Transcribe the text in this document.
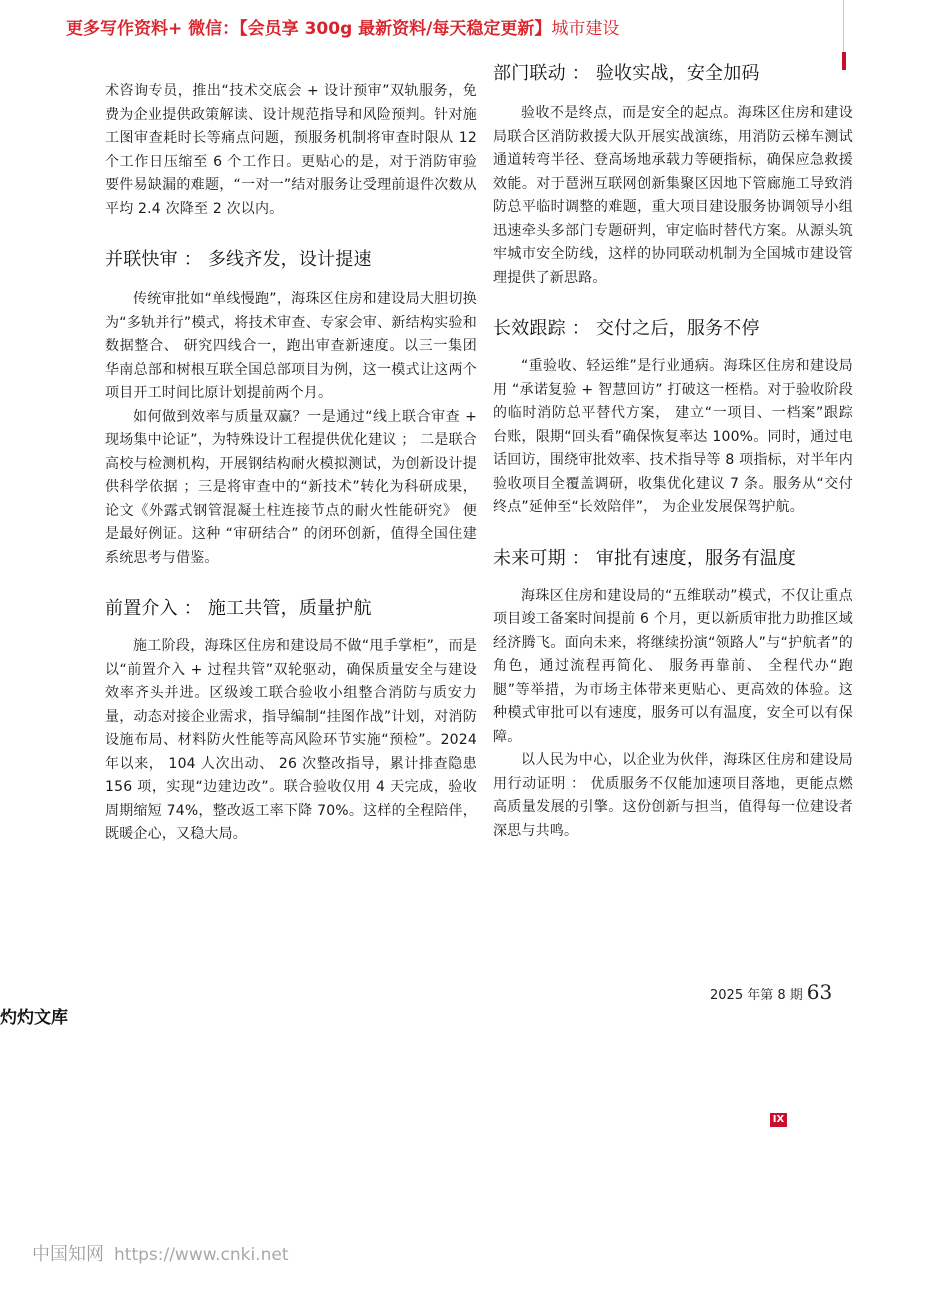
更多写作资料+ 微信：【会员享 300g 最新资料/每天稳定更新】城市建设

术咨询专员，推出“技术交底会 + 设计预审”双轨服务，免费为企业提供政策解读、设计规范指导和风险预判。针对施工图审查耗时长等痛点问题，预服务机制将审查时限从 12 个工作日压缩至 6 个工作日。更贴心的是，对于消防审验要件易缺漏的难题，“一对一”结对服务让受理前退件次数从平均 2.4 次降至 2 次以内。

并联快审 ： 多线齐发，设计提速

传统审批如“单线慢跑”，海珠区住房和建设局大胆切换为“多轨并行”模式，将技术审查、专家会审、新结构实验和数据整合、 研究四线合一，跑出审查新速度。以三一集团华南总部和树根互联全国总部项目为例，这一模式让这两个项目开工时间比原计划提前两个月。

如何做到效率与质量双赢？一是通过“线上联合审查 + 现场集中论证”，为特殊设计工程提供优化建议 ； 二是联合高校与检测机构，开展钢结构耐火模拟测试，为创新设计提供科学依据 ；三是将审查中的“新技术”转化为科研成果，论文《外露式钢管混凝土柱连接节点的耐火性能研究》 便是最好例证。这种 “审研结合” 的闭环创新，值得全国住建系统思考与借鉴。

前置介入 ： 施工共管，质量护航

施工阶段，海珠区住房和建设局不做“甩手掌柜”，而是以“前置介入 + 过程共管”双轮驱动，确保质量安全与建设效率齐头并进。区级竣工联合验收小组整合消防与质安力量，动态对接企业需求，指导编制“挂图作战”计划，对消防设施布局、材料防火性能等高风险环节实施“预检”。2024 年以来， 104 人次出动、 26 次整改指导，累计排查隐患 156 项，实现“边建边改”。联合验收仅用 4 天完成，验收周期缩短 74%，整改返工率下降 70%。这样的全程陪伴，既暖企心，又稳大局。

部门联动 ： 验收实战，安全加码

验收不是终点，而是安全的起点。海珠区住房和建设局联合区消防救援大队开展实战演练，用消防云梯车测试通道转弯半径、登高场地承载力等硬指标，确保应急救援效能。对于琶洲互联网创新集聚区因地下管廊施工导致消防总平临时调整的难题，重大项目建设服务协调领导小组迅速牵头多部门专题研判，审定临时替代方案。从源头筑牢城市安全防线，这样的协同联动机制为全国城市建设管理提供了新思路。

长效跟踪 ： 交付之后，服务不停

“重验收、轻运维”是行业通病。海珠区住房和建设局用 “承诺复验 + 智慧回访” 打破这一桎梏。对于验收阶段的临时消防总平替代方案， 建立“一项目、一档案”跟踪台账，限期“回头看”确保恢复率达 100%。同时，通过电话回访，围绕审批效率、技术指导等 8 项指标，对半年内验收项目全覆盖调研，收集优化建议 7 条。服务从“交付终点”延伸至“长效陪伴”， 为企业发展保驾护航。

未来可期 ： 审批有速度，服务有温度

海珠区住房和建设局的“五维联动”模式，不仅让重点项目竣工备案时间提前 6 个月，更以新质审批力助推区域经济腾飞。面向未来，将继续扮演“领路人”与“护航者”的角色，通过流程再简化、 服务再靠前、 全程代办“跑腿”等举措，为市场主体带来更贴心、更高效的体验。这种模式审批可以有速度，服务可以有温度，安全可以有保障。

以人民为中心，以企业为伙伴，海珠区住房和建设局用行动证明 ： 优质服务不仅能加速项目落地，更能点燃高质量发展的引擎。这份创新与担当，值得每一位建设者深思与共鸣。

2025 年第 8 期 63
灼灼文库
IX
中国知网 https://www.cnki.net
